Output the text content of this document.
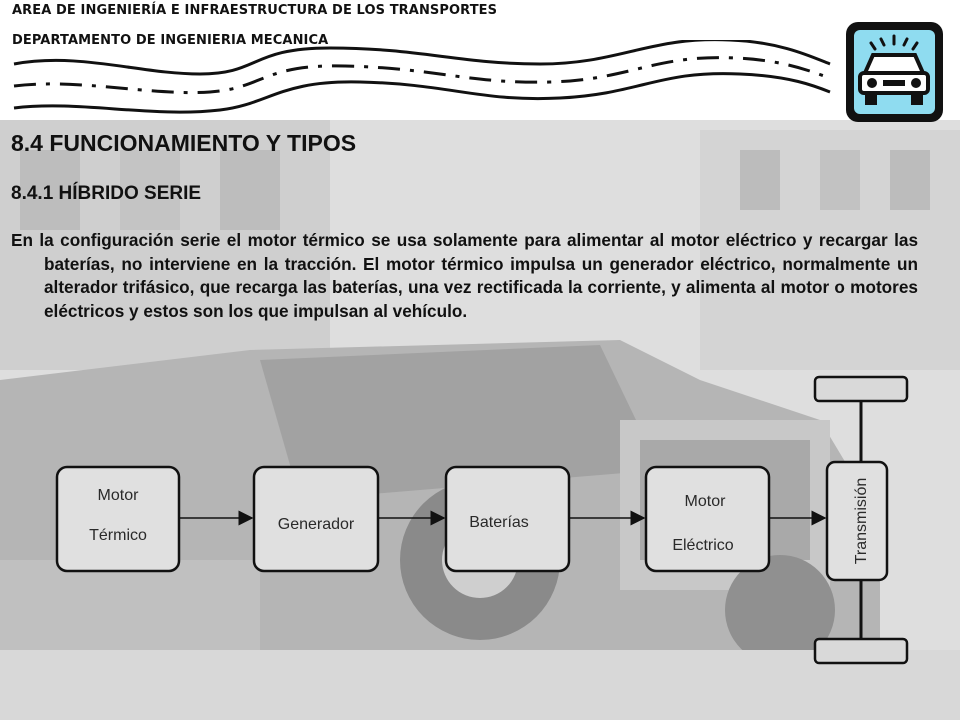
AREA DE INGENIERÍA E INFRAESTRUCTURA DE LOS TRANSPORTES
DEPARTAMENTO DE INGENIERIA MECANICA
8.4 FUNCIONAMIENTO Y TIPOS
8.4.1 HÍBRIDO SERIE

En la configuración serie el motor térmico se usa solamente para alimentar al motor eléctrico y recargar las baterías, no interviene en la tracción. El motor térmico impulsa un generador eléctrico, normalmente un alterador trifásico, que recarga las baterías, una vez rectificada la corriente, y alimenta al motor o motores eléctricos y estos son los que impulsan al vehículo.

Motor
Térmico
Generador	Baterías
Motor
Eléctrico	Transmisión
